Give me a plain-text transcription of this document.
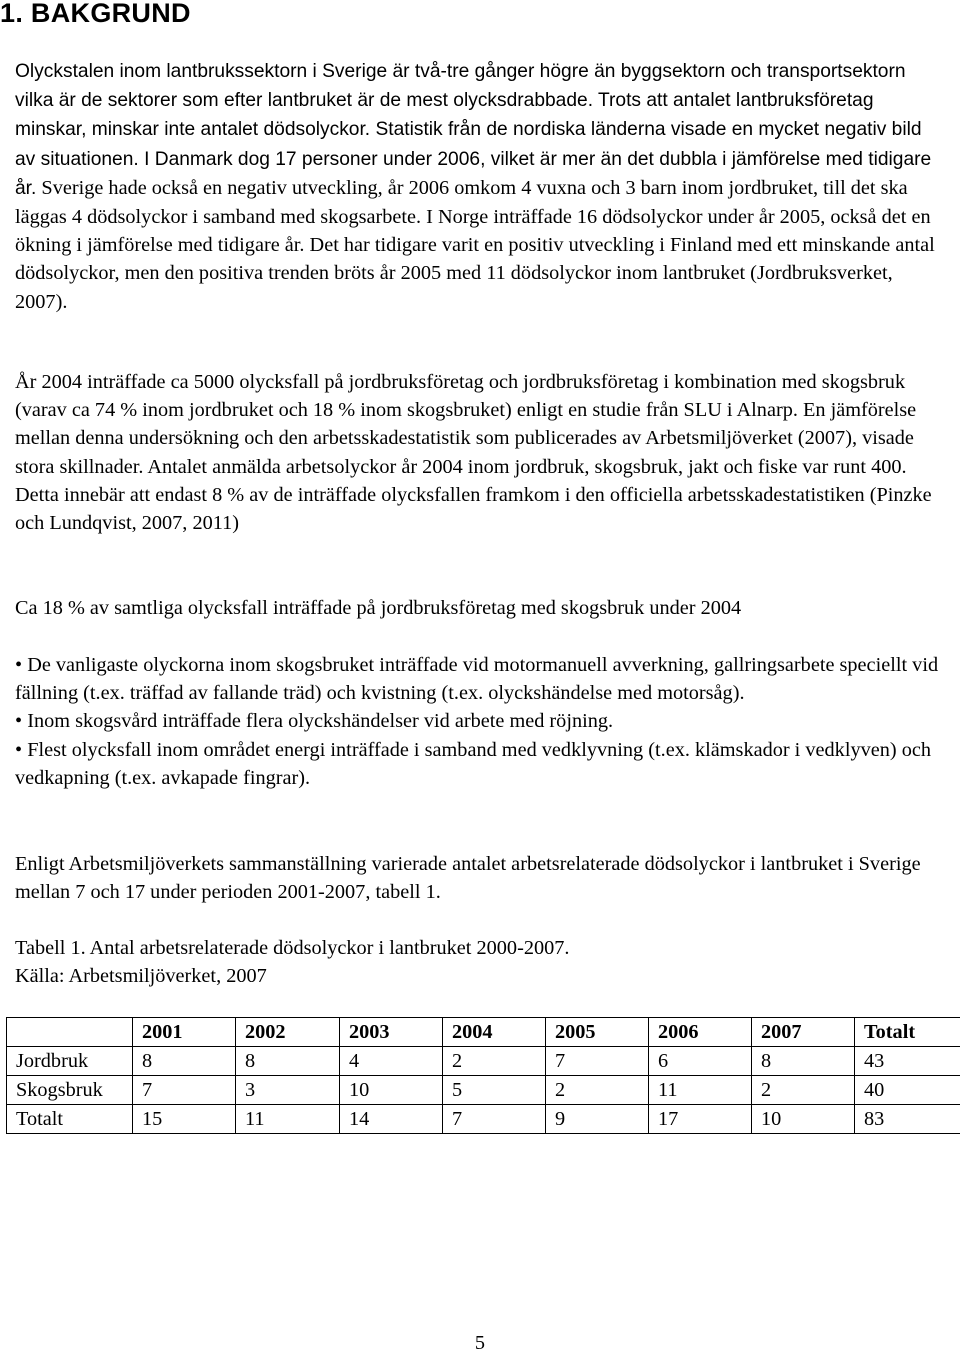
1. BAKGRUND

Olyckstalen inom lantbrukssektorn i Sverige är två-tre gånger högre än byggsektorn och transportsektorn vilka är de sektorer som efter lantbruket är de mest olycksdrabbade. Trots att antalet lantbruksföretag minskar, minskar inte antalet dödsolyckor. Statistik från de nordiska länderna visade en mycket negativ bild av situationen. I Danmark dog 17 personer under 2006, vilket är mer än det dubbla i jämförelse med tidigare år. Sverige hade också en negativ utveckling, år 2006 omkom 4 vuxna och 3 barn inom jordbruket, till det ska läggas 4 dödsolyckor i samband med skogsarbete. I Norge inträffade 16 dödsolyckor under år 2005, också det en ökning i jämförelse med tidigare år. Det har tidigare varit en positiv utveckling i Finland med ett minskande antal dödsolyckor, men den positiva trenden bröts år 2005 med 11 dödsolyckor inom lantbruket (Jordbruksverket, 2007).

År 2004 inträffade ca 5000 olycksfall på jordbruksföretag och jordbruksföretag i kombination med skogsbruk (varav ca 74 % inom jordbruket och 18 % inom skogsbruket) enligt en studie från SLU i Alnarp. En jämförelse mellan denna undersökning och den arbetsskadestatistik som publicerades av Arbetsmiljöverket (2007), visade stora skillnader. Antalet anmälda arbetsolyckor år 2004 inom jordbruk, skogsbruk, jakt och fiske var runt 400. Detta innebär att endast 8 % av de inträffade olycksfallen framkom i den officiella arbetsskadestatistiken (Pinzke och Lundqvist, 2007, 2011)

Ca 18 % av samtliga olycksfall inträffade på jordbruksföretag med skogsbruk under 2004

• De vanligaste olyckorna inom skogsbruket inträffade vid motormanuell avverkning, gallringsarbete speciellt vid fällning (t.ex. träffad av fallande träd) och kvistning (t.ex. olyckshändelse med motorsåg).
• Inom skogsvård inträffade flera olyckshändelser vid arbete med röjning.
• Flest olycksfall inom området energi inträffade i samband med vedklyvning (t.ex. klämskador i vedklyven) och vedkapning (t.ex. avkapade fingrar).

Enligt Arbetsmiljöverkets sammanställning varierade antalet arbetsrelaterade dödsolyckor i lantbruket i Sverige mellan 7 och 17 under perioden 2001-2007, tabell 1.

Tabell 1. Antal arbetsrelaterade dödsolyckor i lantbruket 2000-2007.
Källa: Arbetsmiljöverket, 2007

	2001	2002	2003	2004	2005	2006	2007	Totalt
Jordbruk	8	8	4	2	7	6	8	43
Skogsbruk	7	3	10	5	2	11	2	40
Totalt	15	11	14	7	9	17	10	83
5
